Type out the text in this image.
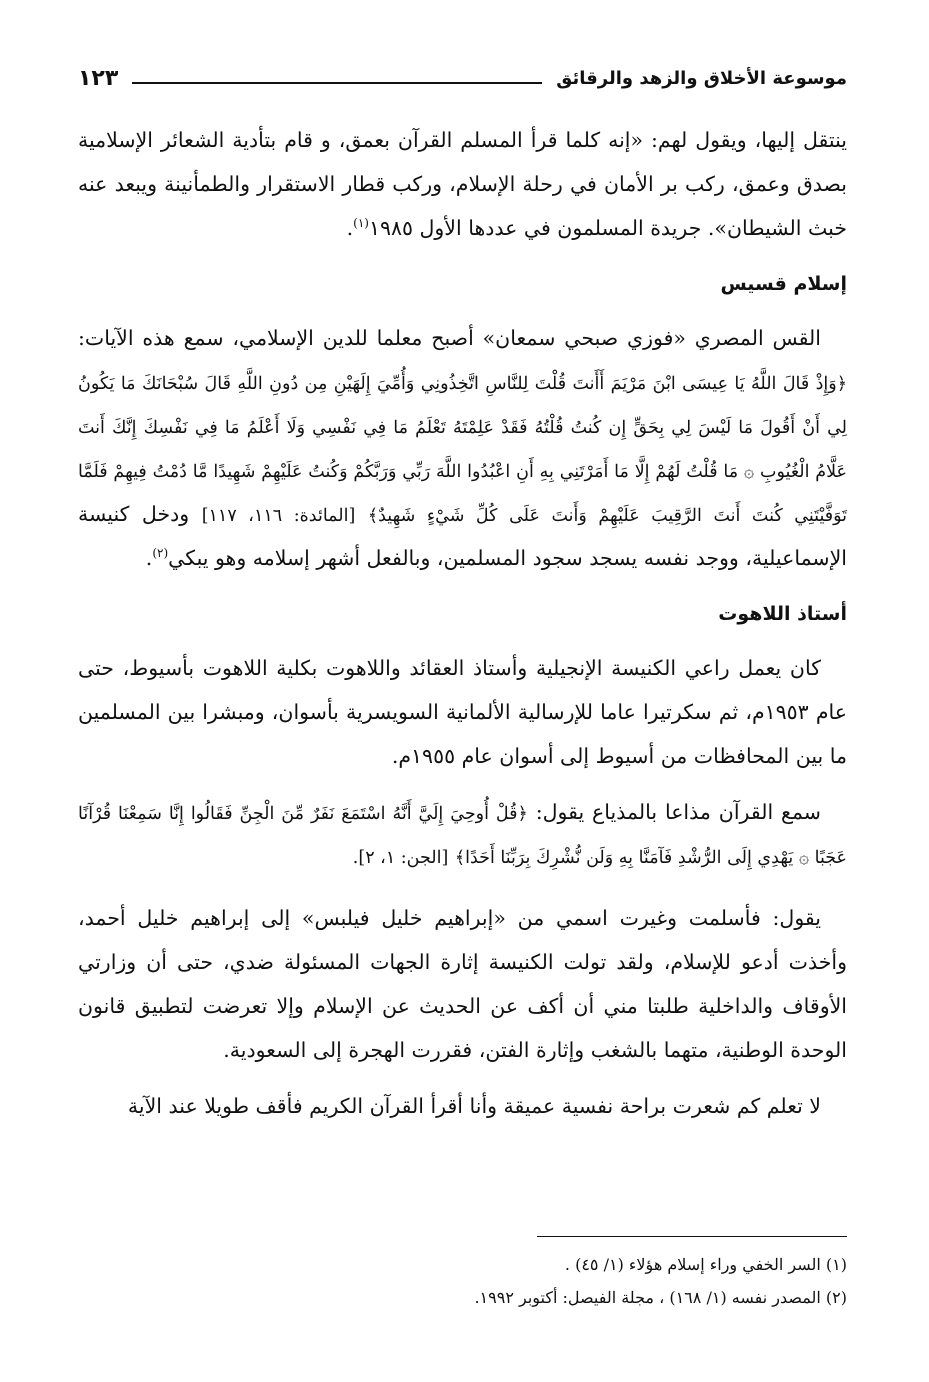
موسوعة الأخلاق والزهد والرقائق
١٢٣

ينتقل إليها، ويقول لهم: «إنه كلما قرأ المسلم القرآن بعمق، و قام بتأدية الشعائر الإسلامية بصدق وعمق، ركب بر الأمان في رحلة الإسلام، وركب قطار الاستقرار والطمأنينة ويبعد عنه خبث الشيطان». جريدة المسلمون في عددها الأول ١٩٨٥$^{(١)}$.

إسلام قسيس

القس المصري «فوزي صبحي سمعان» أصبح معلما للدين الإسلامي، سمع هذه الآيات: ﴿وَإِذْ قَالَ اللَّهُ يَا عِيسَى ابْنَ مَرْيَمَ أَأَنتَ قُلْتَ لِلنَّاسِ اتَّخِذُونِي وَأُمِّيَ إِلَهَيْنِ مِن دُونِ اللَّهِ قَالَ سُبْحَانَكَ مَا يَكُونُ لِي أَنْ أَقُولَ مَا لَيْسَ لِي بِحَقٍّ إِن كُنتُ قُلْتُهُ فَقَدْ عَلِمْتَهُ تَعْلَمُ مَا فِي نَفْسِي وَلَا أَعْلَمُ مَا فِي نَفْسِكَ إِنَّكَ أَنتَ عَلَّامُ الْغُيُوبِ ۞ مَا قُلْتُ لَهُمْ إِلَّا مَا أَمَرْتَنِي بِهِ أَنِ اعْبُدُوا اللَّهَ رَبِّي وَرَبَّكُمْ وَكُنتُ عَلَيْهِمْ شَهِيدًا مَّا دُمْتُ فِيهِمْ فَلَمَّا تَوَفَّيْتَنِي كُنتَ أَنتَ الرَّقِيبَ عَلَيْهِمْ وَأَنتَ عَلَى كُلِّ شَيْءٍ شَهِيدٌ﴾ [المائدة: ١١٦، ١١٧] ودخل كنيسة الإسماعيلية، ووجد نفسه يسجد سجود المسلمين، وبالفعل أشهر إسلامه وهو يبكي$^{(٢)}$.

أستاذ اللاهوت

كان يعمل راعي الكنيسة الإنجيلية وأستاذ العقائد واللاهوت بكلية اللاهوت بأسيوط، حتى عام ١٩٥٣م، ثم سكرتيرا عاما للإرسالية الألمانية السويسرية بأسوان، ومبشرا بين المسلمين ما بين المحافظات من أسيوط إلى أسوان عام ١٩٥٥م.

سمع القرآن مذاعا بالمذياع يقول: ﴿قُلْ أُوحِيَ إِلَيَّ أَنَّهُ اسْتَمَعَ نَفَرٌ مِّنَ الْجِنِّ فَقَالُوا إِنَّا سَمِعْنَا قُرْآنًا عَجَبًا ۞ يَهْدِي إِلَى الرُّشْدِ فَآمَنَّا بِهِ وَلَن نُّشْرِكَ بِرَبِّنَا أَحَدًا﴾ [الجن: ١، ٢].

يقول: فأسلمت وغيرت اسمي من «إبراهيم خليل فيلبس» إلى إبراهيم خليل أحمد، وأخذت أدعو للإسلام، ولقد تولت الكنيسة إثارة الجهات المسئولة ضدي، حتى أن وزارتي الأوقاف والداخلية طلبتا مني أن أكف عن الحديث عن الإسلام وإلا تعرضت لتطبيق قانون الوحدة الوطنية، متهما بالشغب وإثارة الفتن، فقررت الهجرة إلى السعودية.

لا تعلم كم شعرت براحة نفسية عميقة وأنا أقرأ القرآن الكريم فأقف طويلا عند الآية

(١) السر الخفي وراء إسلام هؤلاء (١/ ٤٥) .

(٢) المصدر نفسه (١/ ١٦٨) ، مجلة الفيصل: أكتوبر ١٩٩٢.
